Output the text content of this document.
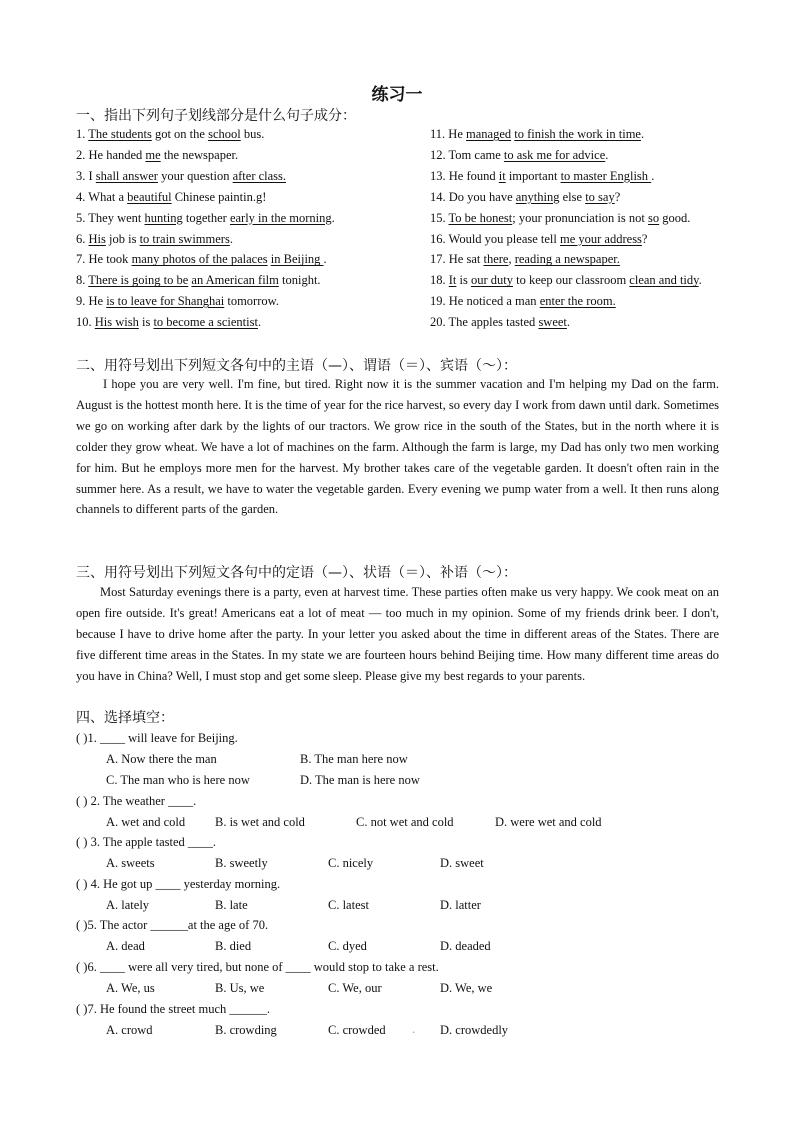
练习一
一、指出下列句子划线部分是什么句子成分：
1. The students got on the school bus.
2. He handed me the newspaper.
3. I shall answer your question after class.
4. What a beautiful Chinese paintin.g!
5. They went hunting together early in the morning.
6. His job is to train swimmers.
7. He took many photos of the palaces in Beijing .
8. There is going to be an American film tonight.
9. He is to leave for Shanghai tomorrow.
10. His wish is to become a scientist.
11. He managed to finish the work in time.
12. Tom came to ask me for advice.
13. He found it important to master English .
14. Do you have anything else to say?
15. To be honest; your pronunciation is not so good.
16. Would you please tell me your address?
17. He sat there, reading a newspaper.
18. It is our duty to keep our classroom clean and tidy.
19. He noticed a man enter the room.
20. The apples tasted sweet.
二、用符号划出下列短文各句中的主语（—）、谓语（＝）、宾语（～）：
I hope you are very well. I'm fine, but tired. Right now it is the summer vacation and I'm helping my Dad on the farm. August is the hottest month here. It is the time of year for the rice harvest, so every day I work from dawn until dark. Sometimes we go on working after dark by the lights of our tractors. We grow rice in the south of the States, but in the north where it is colder they grow wheat. We have a lot of machines on the farm. Although the farm is large, my Dad has only two men working for him. But he employs more men for the harvest. My brother takes care of the vegetable garden. It doesn't often rain in the summer here. As a result, we have to water the vegetable garden. Every evening we pump water from a well. It then runs along channels to different parts of the garden.
三、用符号划出下列短文各句中的定语（—）、状语（＝）、补语（～）：
Most Saturday evenings there is a party, even at harvest time. These parties often make us very happy. We cook meat on an open fire outside. It's great! Americans eat a lot of meat — too much in my opinion. Some of my friends drink beer. I don't, because I have to drive home after the party. In your letter you asked about the time in different areas of the States. There are five different time areas in the States. In my state we are fourteen hours behind Beijing time. How many different time areas do you have in China? Well, I must stop and get some sleep. Please give my best regards to your parents.
四、选择填空：
( )1. ____ will leave for Beijing.
A. Now there the man	B. The man here now
C. The man who is here now	D. The man is here now
( ) 2. The weather ____.
A. wet and cold B. is wet and cold	C. not wet and cold	D. were wet and cold
( ) 3. The apple tasted ____.
A. sweets	B. sweetly	C. nicely	D. sweet
( ) 4. He got up ____ yesterday morning.
A. lately	B. late	C. latest	D. latter
( )5. The actor ______at the age of 70.
A. dead	B. died	C. dyed	D. deaded
( )6. ____ were all very tired, but none of ____ would stop to take a rest.
A. We, us	B. Us, we	C. We, our	D. We, we
( )7. He found the street much ______.
A. crowd	B. crowding	C. crowded	D. crowdedly
.
